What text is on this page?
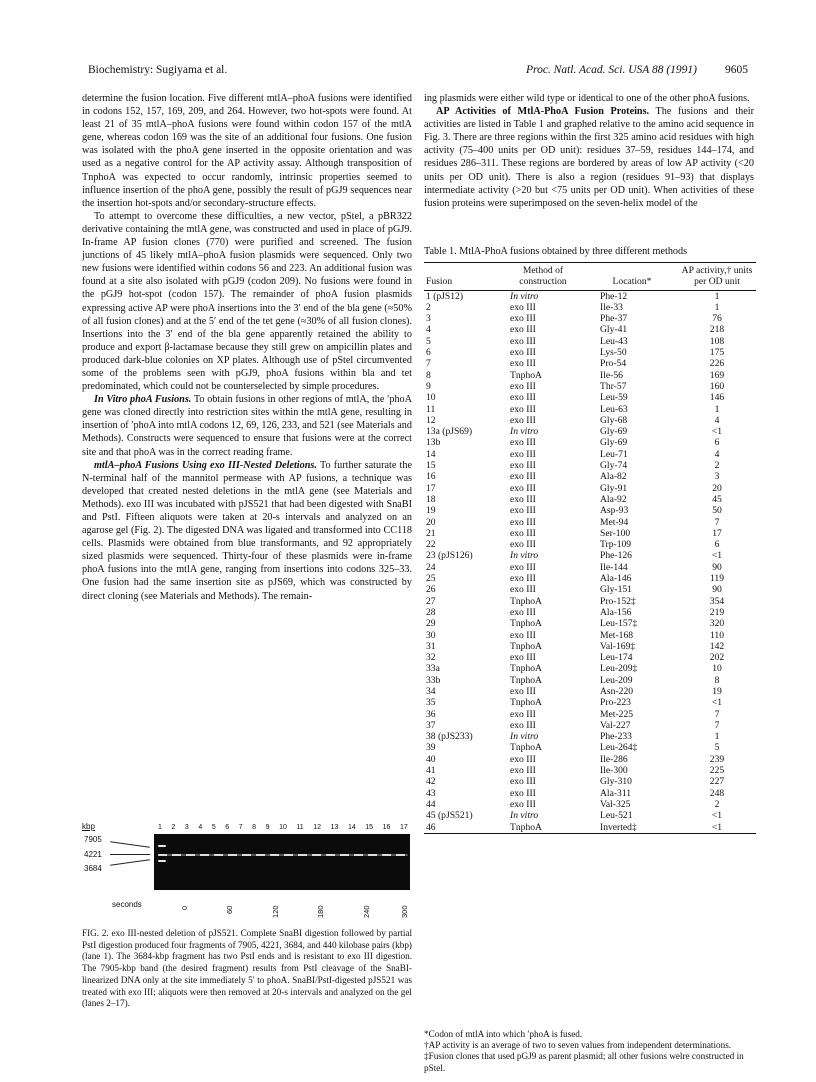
Biochemistry: Sugiyama et al.	Proc. Natl. Acad. Sci. USA 88 (1991) 9605

determine the fusion location. Five different mtlA–phoA fusions were identified in codons 152, 157, 169, 209, and 264. However, two hot-spots were found. At least 21 of 35 mtlA–phoA fusions were found within codon 157 of the mtlA gene, whereas codon 169 was the site of an additional four fusions. One fusion was isolated with the phoA gene inserted in the opposite orientation and was used as a negative control for the AP activity assay. Although transposition of TnphoA was expected to occur randomly, intrinsic properties seemed to influence insertion of the phoA gene, possibly the result of pGJ9 sequences near the insertion hot-spots and/or secondary-structure effects.

To attempt to overcome these difficulties, a new vector, pStel, a pBR322 derivative containing the mtlA gene, was constructed and used in place of pGJ9. In-frame AP fusion clones (770) were purified and screened. The fusion junctions of 45 likely mtlA–phoA fusion plasmids were sequenced. Only two new fusions were identified within codons 56 and 223. An additional fusion was found at a site also isolated with pGJ9 (codon 209). No fusions were found in the pGJ9 hot-spot (codon 157). The remainder of phoA fusion plasmids expressing active AP were phoA insertions into the 3′ end of the bla gene (≈50% of all fusion clones) and at the 5′ end of the tet gene (≈30% of all fusion clones). Insertions into the 3′ end of the bla gene apparently retained the ability to produce and export β-lactamase because they still grew on ampicillin plates and produced dark-blue colonies on XP plates. Although use of pStel circumvented some of the problems seen with pGJ9, phoA fusions within bla and tet predominated, which could not be counterselected by simple procedures.

In Vitro phoA Fusions. To obtain fusions in other regions of mtlA, the ′phoA gene was cloned directly into restriction sites within the mtlA gene, resulting in insertion of ′phoA into mtlA codons 12, 69, 126, 233, and 521 (see Materials and Methods). Constructs were sequenced to ensure that fusions were at the correct site and that phoA was in the correct reading frame.

mtlA–phoA Fusions Using exo III-Nested Deletions. To further saturate the N-terminal half of the mannitol permease with AP fusions, a technique was developed that created nested deletions in the mtlA gene (see Materials and Methods). exo III was incubated with pJS521 that had been digested with SnaBI and PstI. Fifteen aliquots were taken at 20-s intervals and analyzed on an agarose gel (Fig. 2). The digested DNA was ligated and transformed into CC118 cells. Plasmids were obtained from blue transformants, and 92 appropriately sized plasmids were sequenced. Thirty-four of these plasmids were in-frame phoA fusions into the mtlA gene, ranging from insertions into codons 325–33. One fusion had the same insertion site as pJS69, which was constructed by direct cloning (see Materials and Methods). The remain-

kbp	1 2 3 4 5 6 7 8 9 10 11 12 13 14 15 16 17
7905
4221
3684
seconds	0	60	120	180	240	300
FIG. 2. exo III-nested deletion of pJS521. Complete SnaBI digestion followed by partial PstI digestion produced four fragments of 7905, 4221, 3684, and 440 kilobase pairs (kbp) (lane 1). The 3684-kbp fragment has two PstI ends and is resistant to exo III digestion. The 7905-kbp band (the desired fragment) results from PstI cleavage of the SnaBI-linearized DNA only at the site immediately 5′ to phoA. SnaBI/PstI-digested pJS521 was treated with exo III; aliquots were then removed at 20-s intervals and analyzed on the gel (lanes 2–17).

ing plasmids were either wild type or identical to one of the other phoA fusions.

AP Activities of MtlA-PhoA Fusion Proteins. The fusions and their activities are listed in Table 1 and graphed relative to the amino acid sequence in Fig. 3. There are three regions within the first 325 amino acid residues with high activity (75–400 units per OD unit): residues 37–59, residues 144–174, and residues 286–311. These regions are bordered by areas of low AP activity (<20 units per OD unit). There is also a region (residues 91–93) that displays intermediate activity (>20 but <75 units per OD unit). When activities of these fusion proteins were superimposed on the seven-helix model of the

Table 1. MtlA-PhoA fusions obtained by three different methods
Fusion	Method of construction	Location*	AP activity,† units per OD unit
1 (pJS12)	In vitro	Phe-12	1
2	exo III	Ile-33	1
3	exo III	Phe-37	76
4	exo III	Gly-41	218
5	exo III	Leu-43	108
6	exo III	Lys-50	175
7	exo III	Pro-54	226
8	TnphoA	Ile-56	169
9	exo III	Thr-57	160
10	exo III	Leu-59	146
11	exo III	Leu-63	1
12	exo III	Gly-68	4
13a (pJS69)	In vitro	Gly-69	<1
13b	exo III	Gly-69	6
14	exo III	Leu-71	4
15	exo III	Gly-74	2
16	exo III	Ala-82	3
17	exo III	Gly-91	20
18	exo III	Ala-92	45
19	exo III	Asp-93	50
20	exo III	Met-94	7
21	exo III	Ser-100	17
22	exo III	Trp-109	6
23 (pJS126)	In vitro	Phe-126	<1
24	exo III	Ile-144	90
25	exo III	Ala-146	119
26	exo III	Gly-151	90
27	TnphoA	Pro-152‡	354
28	exo III	Ala-156	219
29	TnphoA	Leu-157‡	320
30	exo III	Met-168	110
31	TnphoA	Val-169‡	142
32	exo III	Leu-174	202
33a	TnphoA	Leu-209‡	10
33b	TnphoA	Leu-209	8
34	exo III	Asn-220	19
35	TnphoA	Pro-223	<1
36	exo III	Met-225	7
37	exo III	Val-227	7
38 (pJS233)	In vitro	Phe-233	1
39	TnphoA	Leu-264‡	5
40	exo III	Ile-286	239
41	exo III	Ile-300	225
42	exo III	Gly-310	227
43	exo III	Ala-311	248
44	exo III	Val-325	2
45 (pJS521)	In vitro	Leu-521	<1
46	TnphoA	Inverted‡	<1

*Codon of mtlA into which ′phoA is fused.

†AP activity is an average of two to seven values from independent determinations.

‡Fusion clones that used pGJ9 as parent plasmid; all other fusions welre constructed in pStel.
